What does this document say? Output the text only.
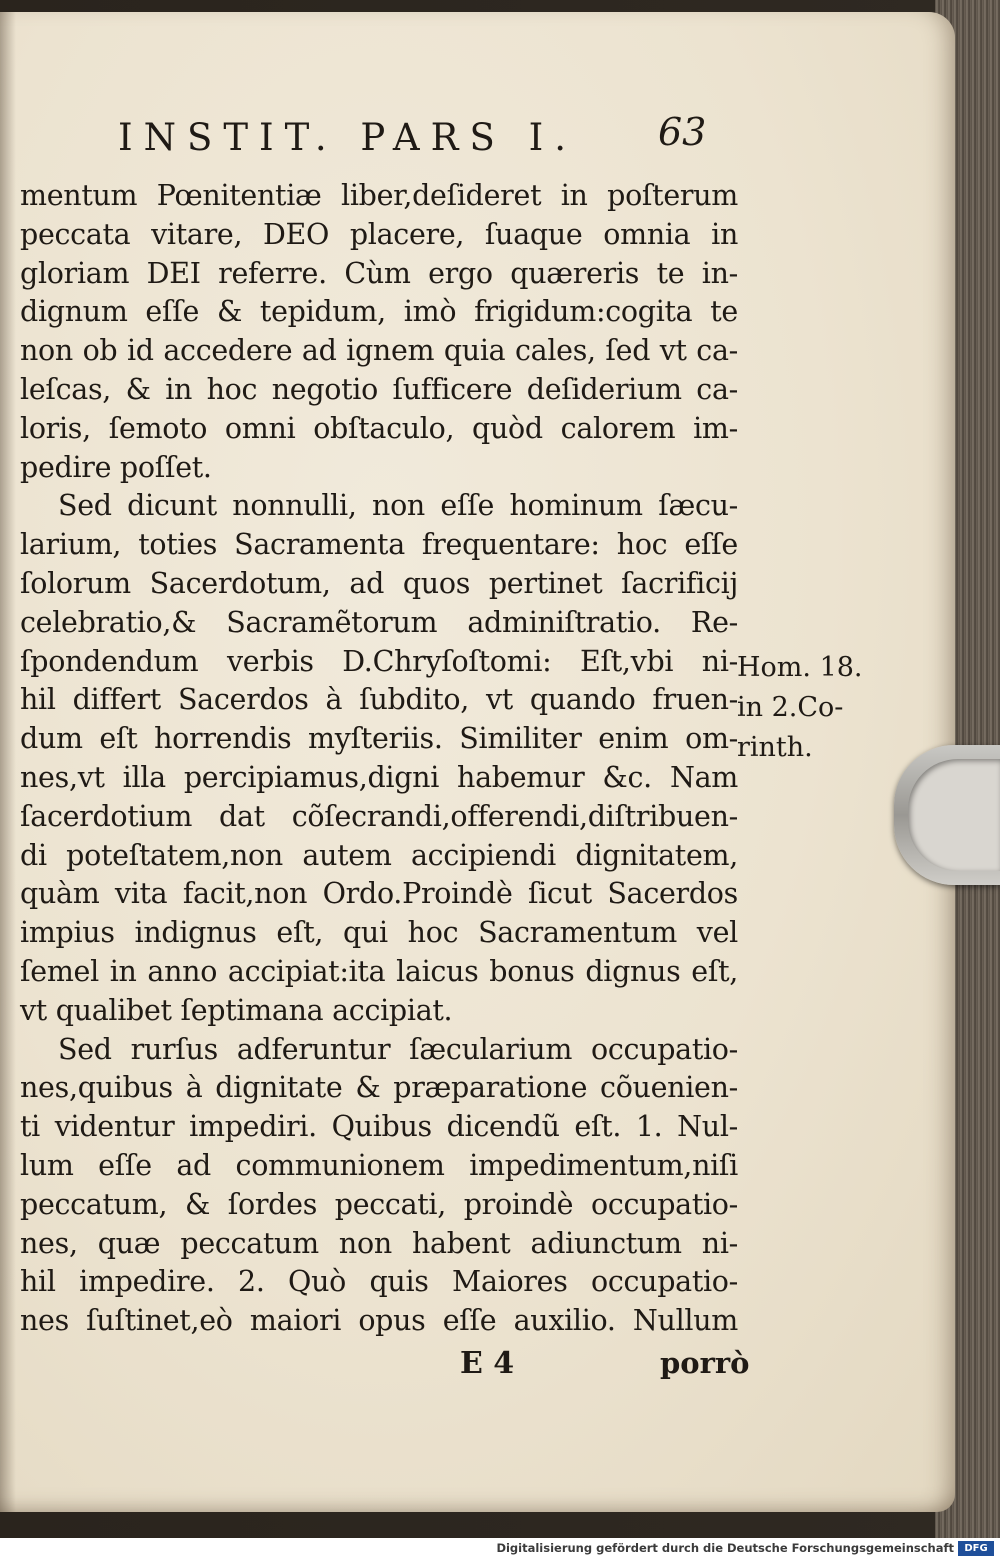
INSTIT. PARS I.	63
mentum Pœnitentiæ liber,deſideret in poſterum
peccata vitare, DEO placere, ſuaque omnia in
gloriam DEI referre. Cùm ergo quæreris te in-
dignum eſſe & tepidum, imò frigidum:cogita te
non ob id accedere ad ignem quia cales, ſed vt ca-
leſcas, & in hoc negotio ſufficere deſiderium ca-
loris, ſemoto omni obſtaculo, quòd calorem im-
pedire poſſet.
Sed dicunt nonnulli, non eſſe hominum ſæcu-
larium, toties Sacramenta frequentare: hoc eſſe
ſolorum Sacerdotum, ad quos pertinet ſacrificij
celebratio,& Sacramẽtorum adminiſtratio. Re-
ſpondendum verbis D.Chryſoſtomi: Eſt,vbi ni-
hil differt Sacerdos à ſubdito, vt quando fruen-
dum eſt horrendis myſteriis. Similiter enim om-
nes,vt illa percipiamus,digni habemur &c. Nam
ſacerdotium dat cõſecrandi,offerendi,diſtribuen-
di poteſtatem,non autem accipiendi dignitatem,
quàm vita facit,non Ordo.Proindè ſicut Sacerdos
impius indignus eſt, qui hoc Sacramentum vel
ſemel in anno accipiat:ita laicus bonus dignus eſt,
vt qualibet ſeptimana accipiat.
Sed rurſus adferuntur ſæcularium occupatio-
nes,quibus à dignitate & præparatione cõuenien-
ti videntur impediri. Quibus dicendũ eſt. 1. Nul-
lum eſſe ad communionem impedimentum,niſi
peccatum, & ſordes peccati, proindè occupatio-
nes, quæ peccatum non habent adiunctum ni-
hil impedire. 2. Quò quis Maiores occupatio-
nes ſuſtinet,eò maiori opus eſſe auxilio. Nullum
Hom. 18.
in 2.Co-
rinth.
E 4	porrò
Digitalisierung gefördert durch die Deutsche Forschungsgemeinschaft	DFG
